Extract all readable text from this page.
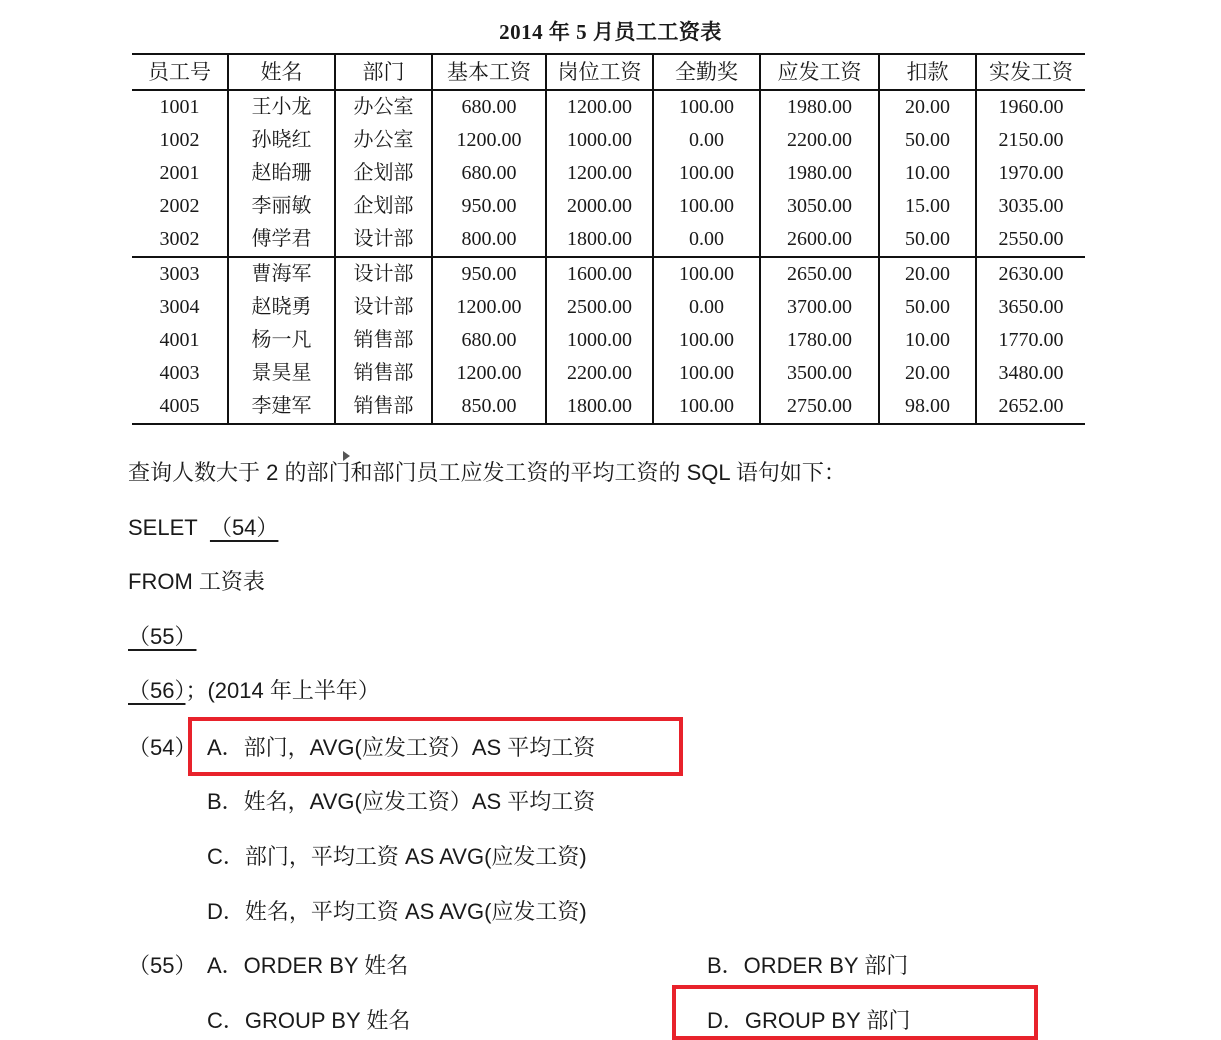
2014 年 5 月员工工资表
员工号	姓名	部门	基本工资	岗位工资	全勤奖	应发工资	扣款	实发工资
1001	王小龙	办公室	680.00	1200.00	100.00	1980.00	20.00	1960.00
1002	孙晓红	办公室	1200.00	1000.00	0.00	2200.00	50.00	2150.00
2001	赵眙珊	企划部	680.00	1200.00	100.00	1980.00	10.00	1970.00
2002	李丽敏	企划部	950.00	2000.00	100.00	3050.00	15.00	3035.00
3002	傅学君	设计部	800.00	1800.00	0.00	2600.00	50.00	2550.00
3003	曹海军	设计部	950.00	1600.00	100.00	2650.00	20.00	2630.00
3004	赵晓勇	设计部	1200.00	2500.00	0.00	3700.00	50.00	3650.00
4001	杨一凡	销售部	680.00	1000.00	100.00	1780.00	10.00	1770.00
4003	景昊星	销售部	1200.00	2200.00	100.00	3500.00	20.00	3480.00
4005	李建军	销售部	850.00	1800.00	100.00	2750.00	98.00	2652.00
查询人数大于 2 的部门和部门员工应发工资的平均工资的 SQL 语句如下：
SELET （54）
FROM 工资表
（55）
（56）；(2014 年上半年）
（54） A．部门，AVG(应发工资）AS 平均工资
B．姓名，AVG(应发工资）AS 平均工资
C．部门，平均工资 AS AVG(应发工资)
D．姓名，平均工资 AS AVG(应发工资)
（55） A．ORDER BY 姓名	B．ORDER BY 部门
C．GROUP BY 姓名	D．GROUP BY 部门
